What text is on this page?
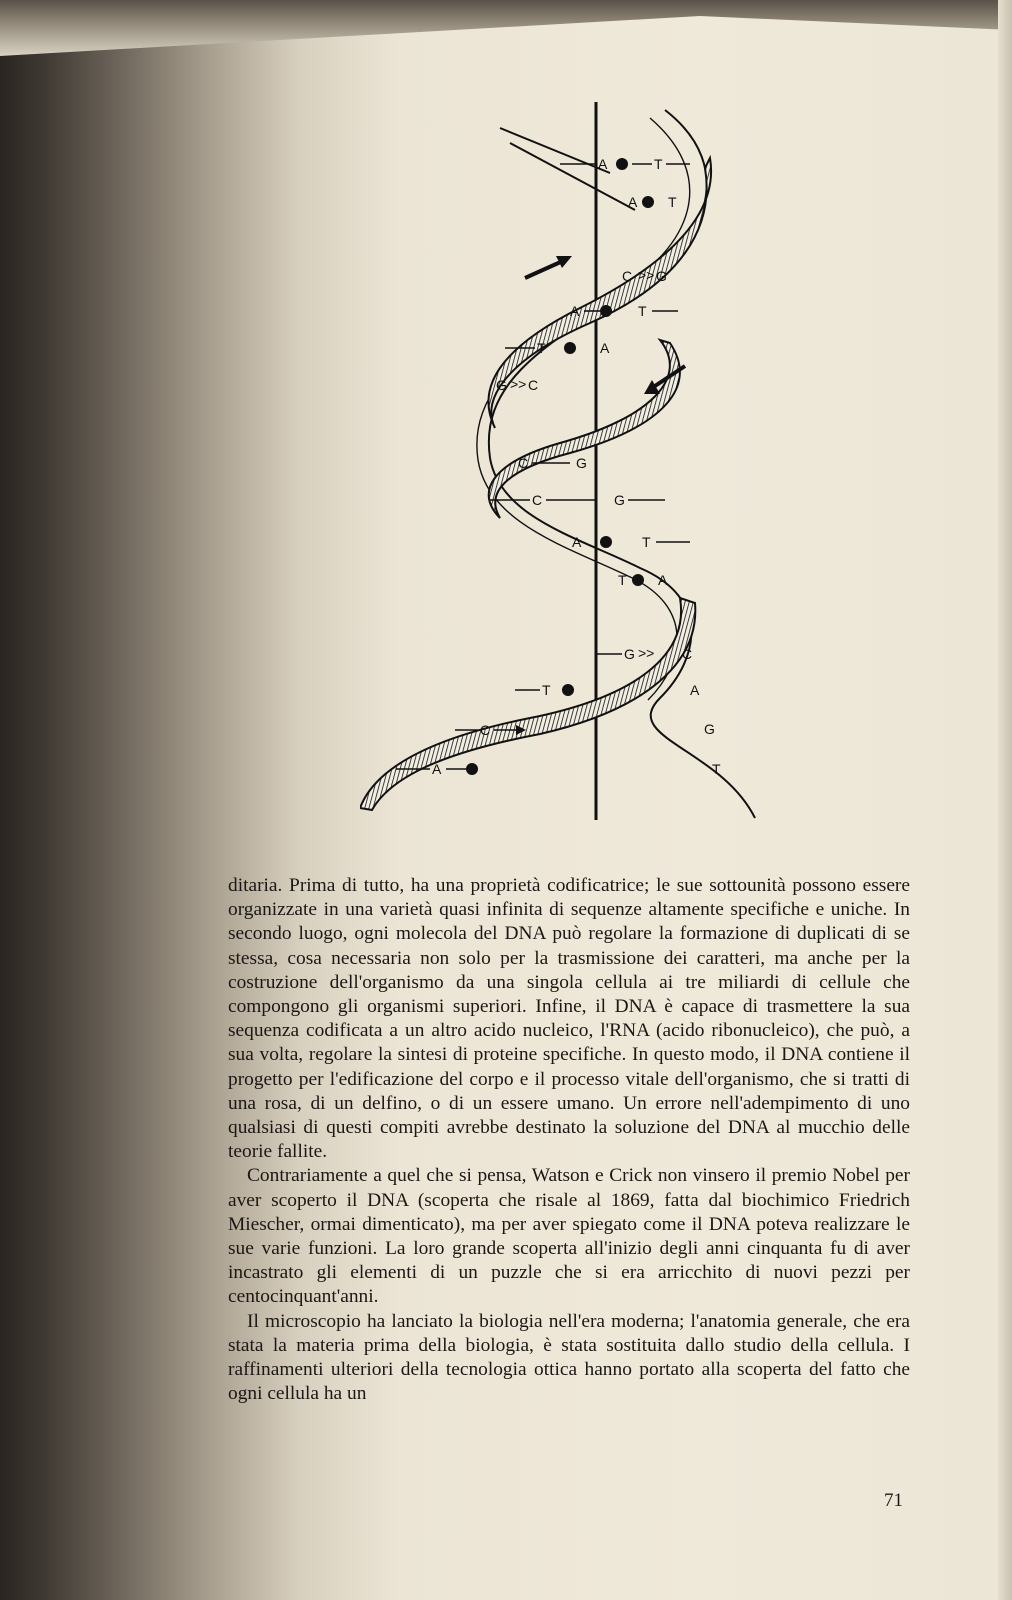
A	T
A T
C >> G
A	T
T	A
G >> C
C	G
C	G
A	T
T A
G >> C
A
G
T
T
C
A

ditaria. Prima di tutto, ha una proprietà codificatrice; le sue sottounità possono essere organizzate in una varietà quasi infinita di sequenze altamente specifiche e uniche. In secondo luogo, ogni molecola del DNA può regolare la formazione di duplicati di se stessa, cosa necessaria non solo per la trasmissione dei caratteri, ma anche per la costruzione dell'organismo da una singola cellula ai tre miliardi di cellule che compongono gli organismi superiori. Infine, il DNA è capace di trasmettere la sua sequenza codificata a un altro acido nucleico, l'RNA (acido ribonucleico), che può, a sua volta, regolare la sintesi di proteine specifiche. In questo modo, il DNA contiene il progetto per l'edificazione del corpo e il processo vitale dell'organismo, che si tratti di una rosa, di un delfino, o di un essere umano. Un errore nell'adempimento di uno qualsiasi di questi compiti avrebbe destinato la soluzione del DNA al mucchio delle teorie fallite.

Contrariamente a quel che si pensa, Watson e Crick non vinsero il premio Nobel per aver scoperto il DNA (scoperta che risale al 1869, fatta dal biochimico Friedrich Miescher, ormai dimenticato), ma per aver spiegato come il DNA poteva realizzare le sue varie funzioni. La loro grande scoperta all'inizio degli anni cinquanta fu di aver incastrato gli elementi di un puzzle che si era arricchito di nuovi pezzi per centocinquant'anni.

Il microscopio ha lanciato la biologia nell'era moderna; l'anatomia generale, che era stata la materia prima della biologia, è stata sostituita dallo studio della cellula. I raffinamenti ulteriori della tecnologia ottica hanno portato alla scoperta del fatto che ogni cellula ha un

71
